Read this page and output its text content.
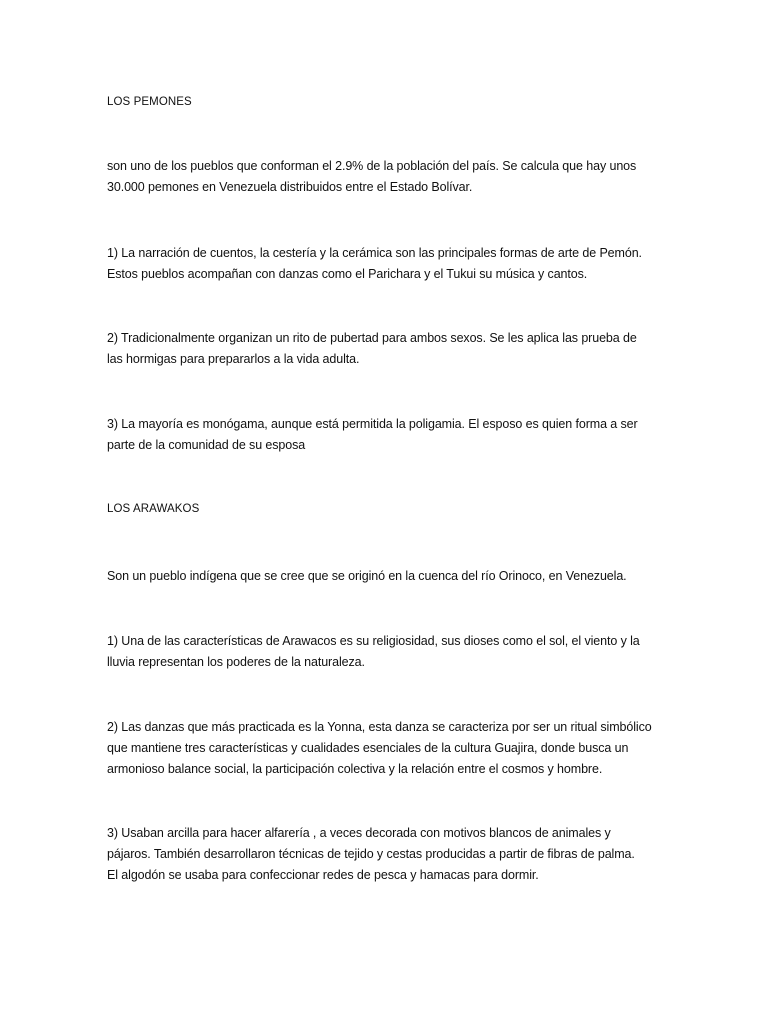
LOS PEMONES

son uno de los pueblos que conforman el 2.9% de la población del país. Se calcula que hay unos

30.000 pemones en Venezuela distribuidos entre el Estado Bolívar.

1) La narración de cuentos, la cestería y la cerámica son las principales formas de arte de Pemón.

Estos pueblos acompañan con danzas como el Parichara y el Tukui su música y cantos.

2) Tradicionalmente organizan un rito de pubertad para ambos sexos. Se les aplica las prueba de

las hormigas para prepararlos a la vida adulta.

3) La mayoría es monógama, aunque está permitida la poligamia. El esposo es quien forma a ser

parte de la comunidad de su esposa

LOS ARAWAKOS

Son un pueblo indígena que se cree que se originó en la cuenca del río Orinoco, en Venezuela.

1) Una de las características de Arawacos es su religiosidad, sus dioses como el sol, el viento y la

lluvia representan los poderes de la naturaleza.

2) Las danzas que más practicada es la Yonna, esta danza se caracteriza por ser un ritual simbólico

que mantiene tres características y cualidades esenciales de la cultura Guajira, donde busca un

armonioso balance social, la participación colectiva y la relación entre el cosmos y hombre.

3) Usaban arcilla para hacer alfarería , a veces decorada con motivos blancos de animales y

pájaros. También desarrollaron técnicas de tejido y cestas producidas a partir de fibras de palma.

El algodón se usaba para confeccionar redes de pesca y hamacas para dormir.
